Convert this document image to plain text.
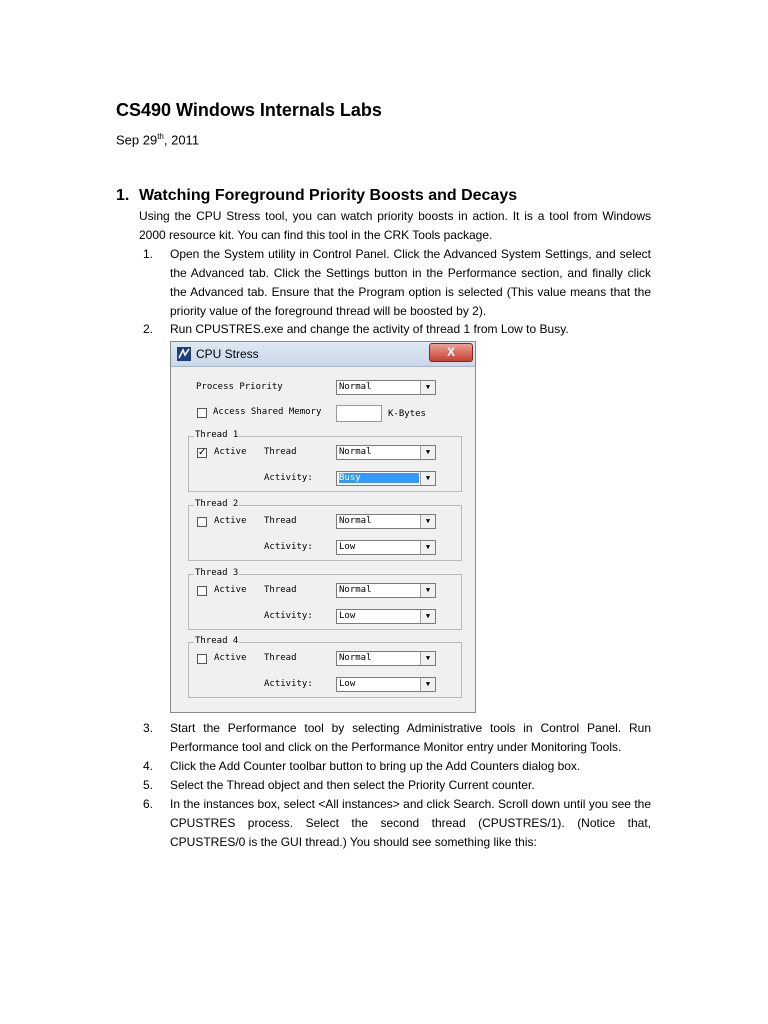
CS490 Windows Internals Labs
Sep 29th, 2011
1. Watching Foreground Priority Boosts and Decays
Using the CPU Stress tool, you can watch priority boosts in action. It is a tool from Windows 2000 resource kit. You can find this tool in the CRK Tools package.
1. Open the System utility in Control Panel. Click the Advanced System Settings, and select the Advanced tab. Click the Settings button in the Performance section, and finally click the Advanced tab. Ensure that the Program option is selected (This value means that the priority value of the foreground thread will be boosted by 2).
2. Run CPUSTRES.exe and change the activity of thread 1 from Low to Busy.
CPU Stress	X
Process Priority	Normal	▼
Access Shared Memory	K-Bytes
Thread 1
✓ Active Thread	Normal	▼
Activity:	Busy	▼
Thread 2
Active Thread	Normal	▼
Activity:	Low	▼
Thread 3
Active Thread	Normal	▼
Activity:	Low	▼
Thread 4
Active Thread	Normal	▼
Activity:	Low	▼
3. Start the Performance tool by selecting Administrative tools in Control Panel. Run Performance tool and click on the Performance Monitor entry under Monitoring Tools.
4. Click the Add Counter toolbar button to bring up the Add Counters dialog box.
5. Select the Thread object and then select the Priority Current counter.
6. In the instances box, select <All instances> and click Search. Scroll down until you see the CPUSTRES process. Select the second thread (CPUSTRES/1). (Notice that, CPUSTRES/0 is the GUI thread.) You should see something like this:
